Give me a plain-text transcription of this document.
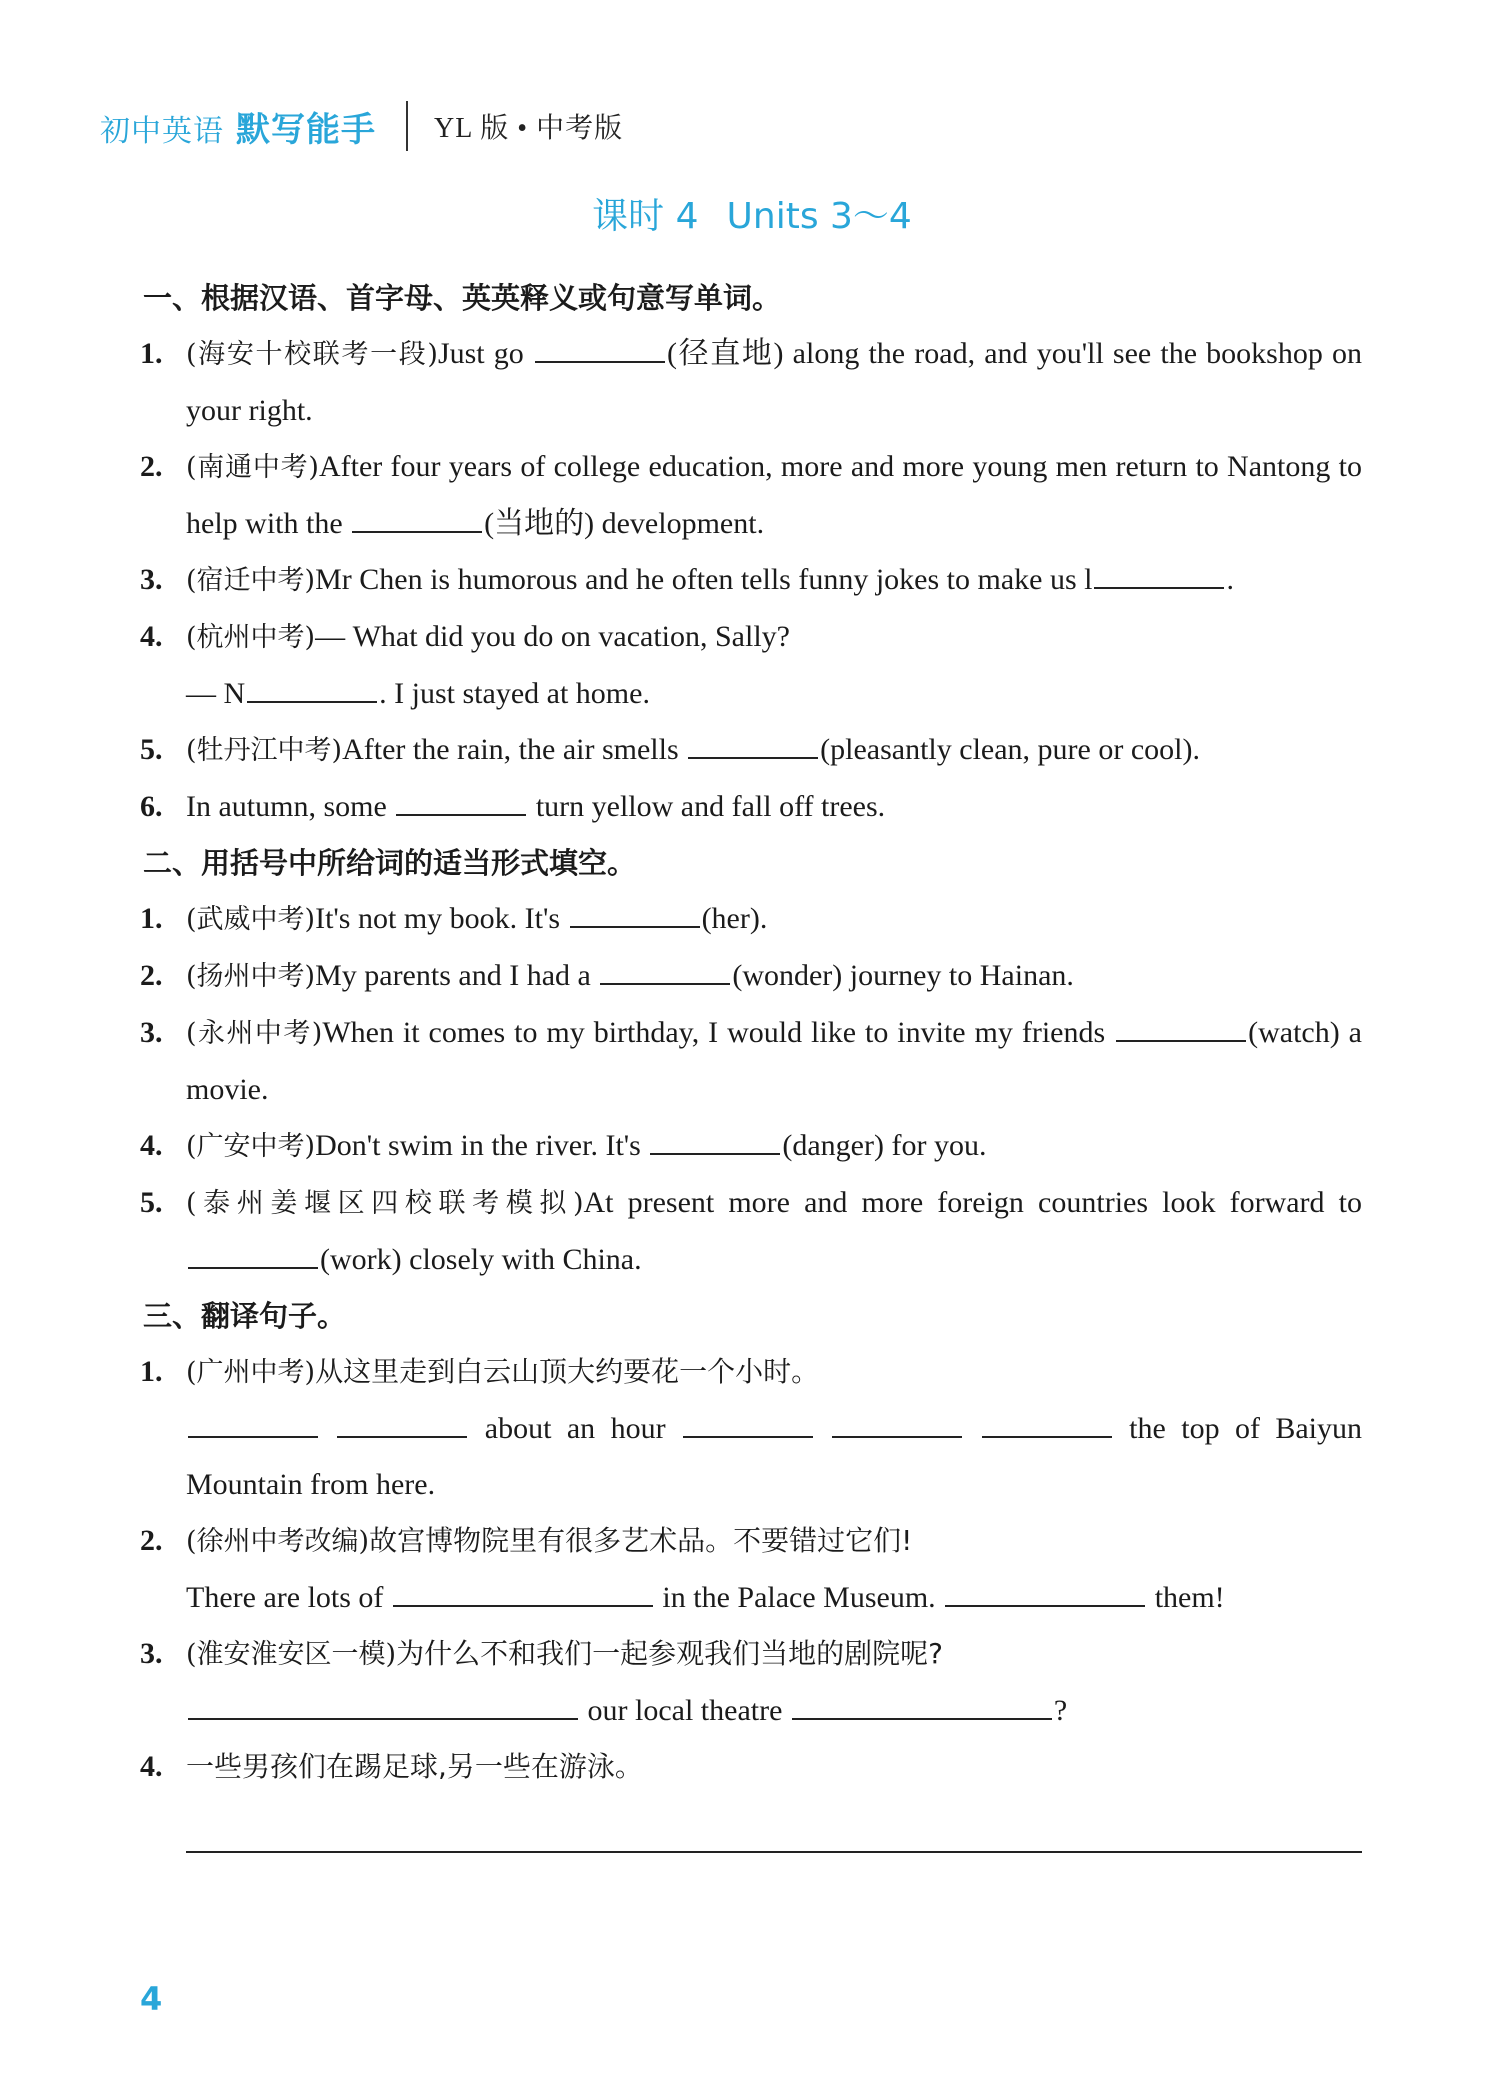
初中英语 默写能手 YL 版 • 中考版
课时 4 Units 3～4
一、根据汉语、首字母、英英释义或句意写单词。
1. (海安十校联考一段)Just go	(径直地) along the road, and you'll see the bookshop on your right.
2. (南通中考)After four years of college education, more and more young men return to Nantong to help with the	(当地的) development.
3. (宿迁中考)Mr Chen is humorous and he often tells funny jokes to make us l	.
4. (杭州中考)— What did you do on vacation, Sally?
— N	. I just stayed at home.
5. (牡丹江中考)After the rain, the air smells	(pleasantly clean, pure or cool).
6. In autumn, some	turn yellow and fall off trees.
二、用括号中所给词的适当形式填空。
1. (武威中考)It's not my book. It's	(her).
2. (扬州中考)My parents and I had a	(wonder) journey to Hainan.
3. (永州中考)When it comes to my birthday, I would like to invite my friends	(watch) a movie.
4. (广安中考)Don't swim in the river. It's	(danger) for you.
5. (泰州姜堰区四校联考模拟)At present more and more foreign countries look forward to (work) closely with China.
三、翻译句子。
1. (广州中考)从这里走到白云山顶大约要花一个小时。
about an hour	the top of Baiyun Mountain from here.
2. (徐州中考改编)故宫博物院里有很多艺术品。不要错过它们!
There are lots of	in the Palace Museum.	them!
3. (淮安淮安区一模)为什么不和我们一起参观我们当地的剧院呢?
our local theatre	?
4. 一些男孩们在踢足球,另一些在游泳。
4
